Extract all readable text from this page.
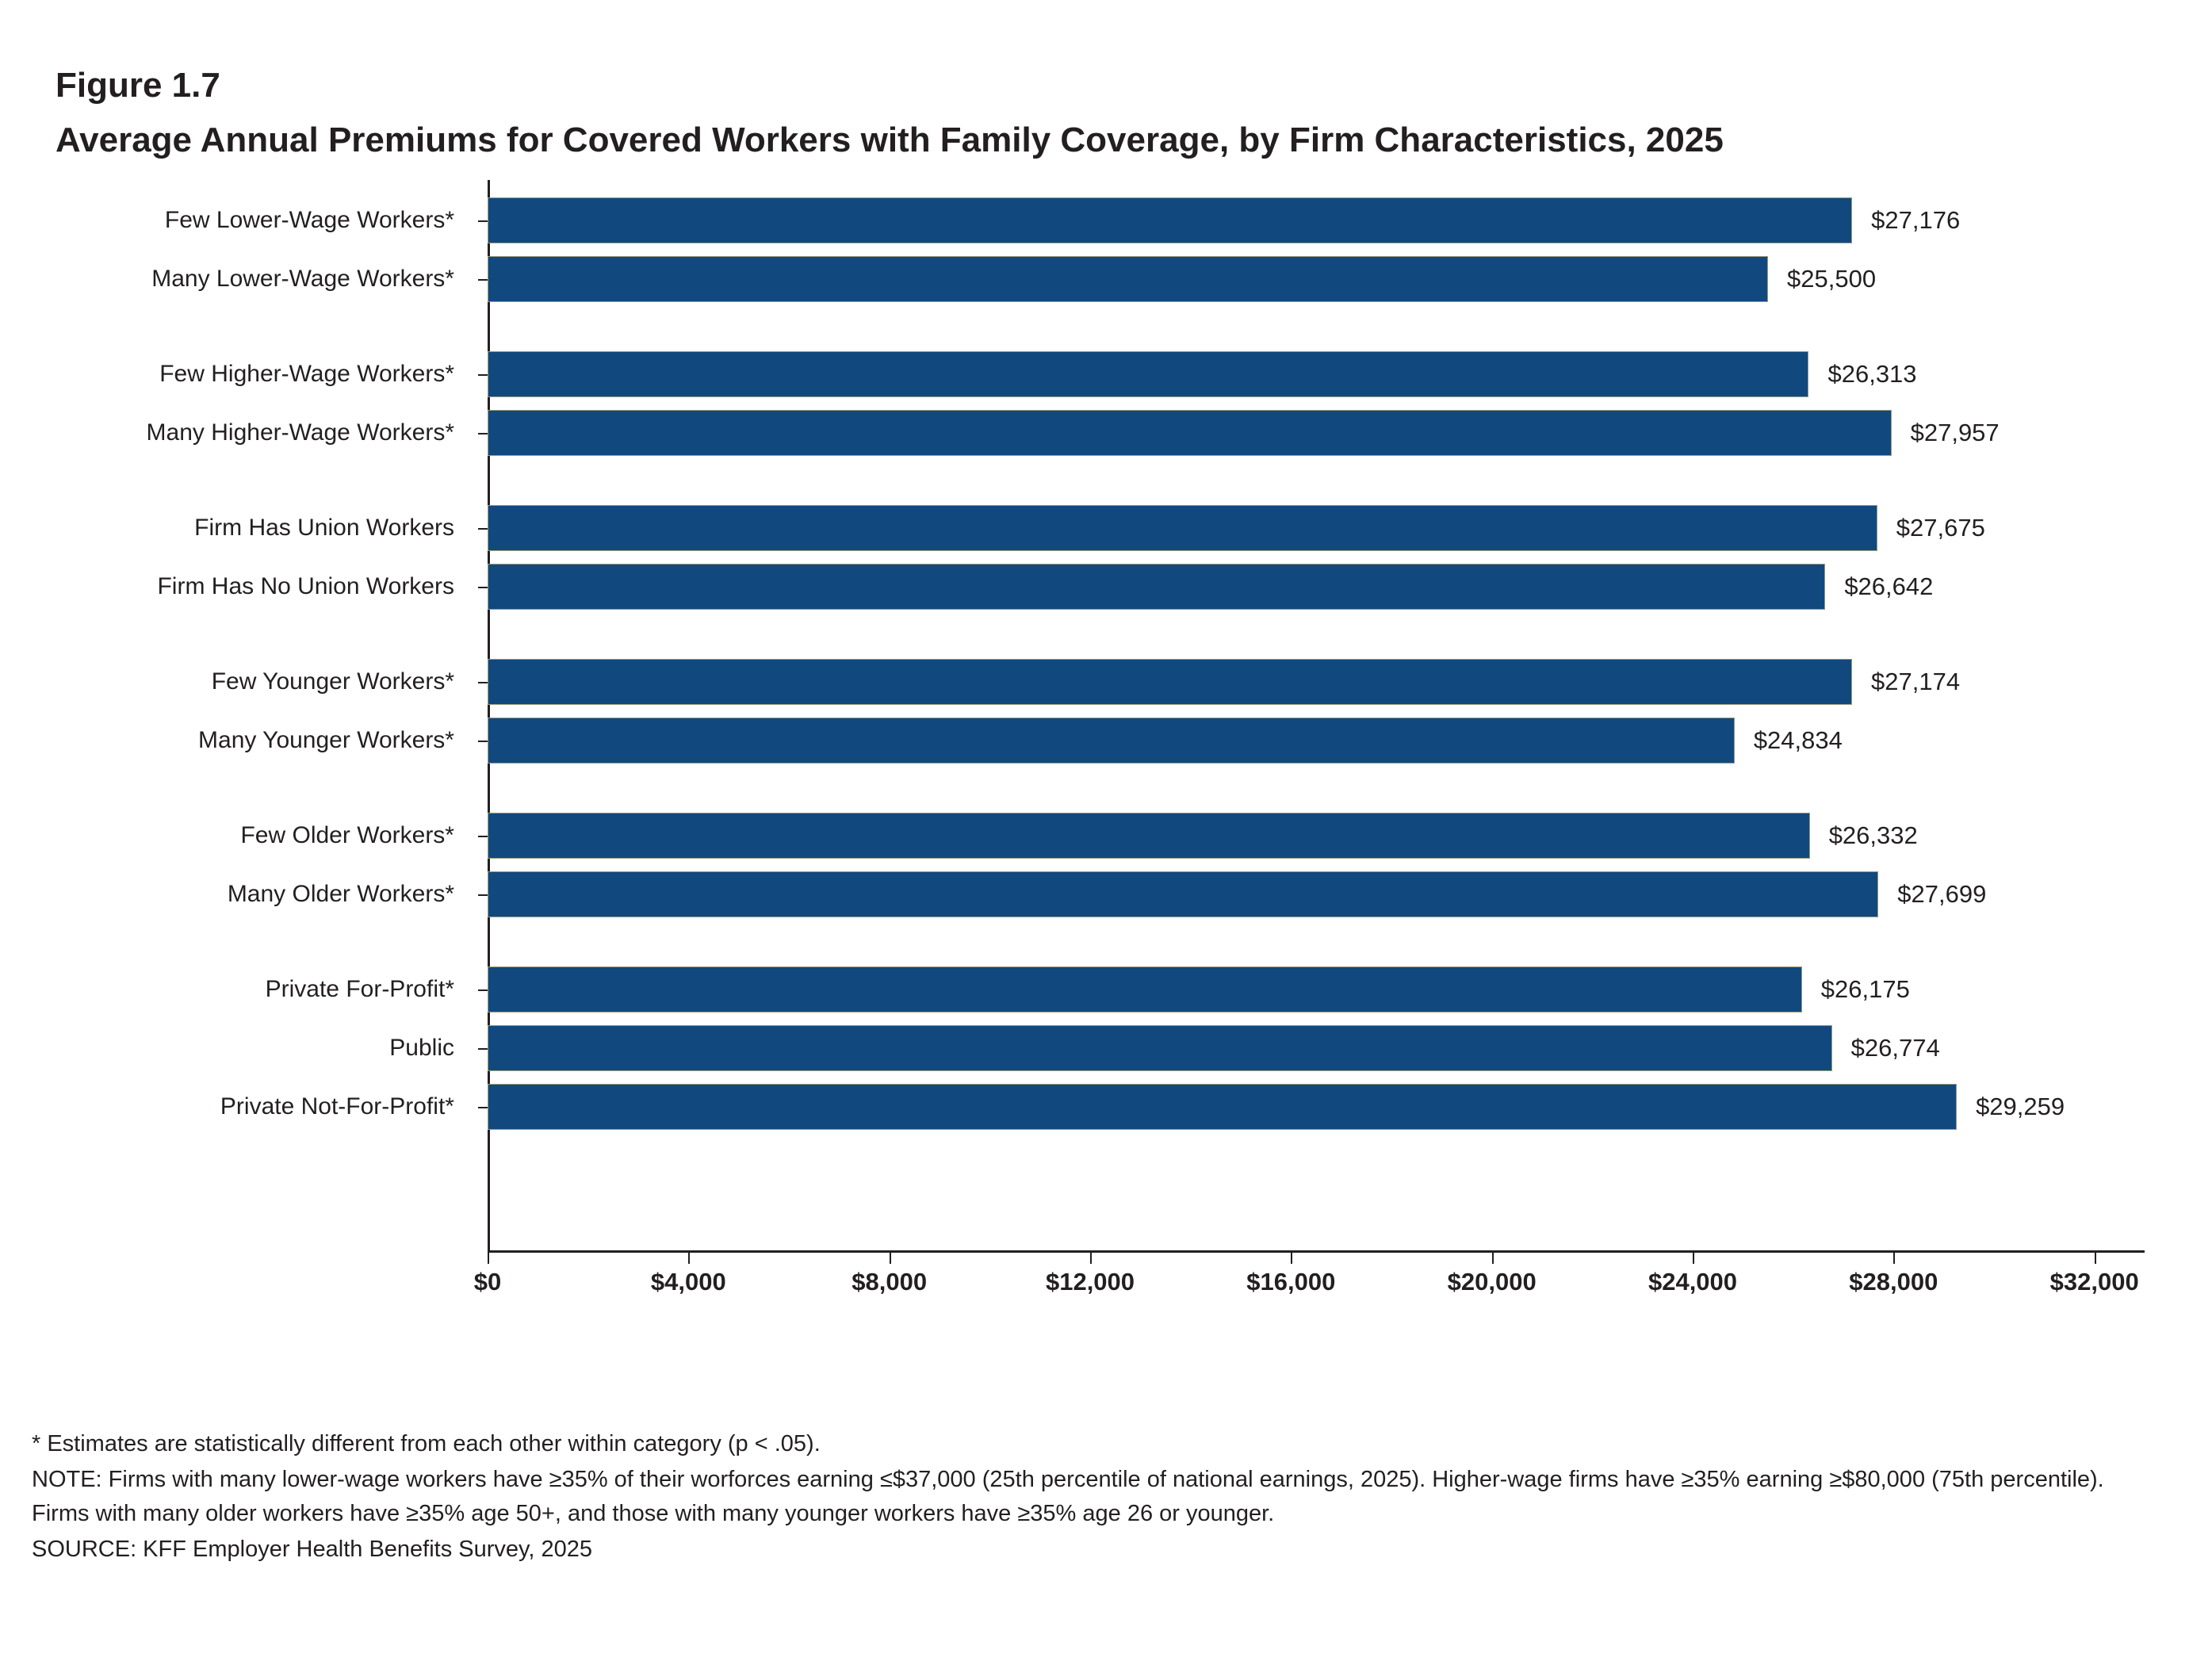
Figure 1.7
Average Annual Premiums for Covered Workers with Family Coverage, by Firm Characteristics, 2025
Few Lower-Wage Workers*
Many Lower-Wage Workers*
Few Higher-Wage Workers*
Many Higher-Wage Workers*
Firm Has Union Workers
Firm Has No Union Workers
Few Younger Workers*
Many Younger Workers*
Few Older Workers*
Many Older Workers*
Private For-Profit*
Public
Private Not-For-Profit*
$27,176
$25,500
$26,313
$27,957
$27,675
$26,642
$27,174
$24,834
$26,332
$27,699
$26,175
$26,774
$29,259
$0	$4,000	$8,000	$12,000	$16,000	$20,000	$24,000	$28,000	$32,000

* Estimates are statistically different from each other within category (p < .05).

NOTE: Firms with many lower-wage workers have ≥35% of their worforces earning ≤$37,000 (25th percentile of national earnings, 2025). Higher-wage firms have ≥35% earning ≥$80,000 (75th percentile). Firms with many older workers have ≥35% age 50+, and those with many younger workers have ≥35% age 26 or younger.

SOURCE: KFF Employer Health Benefits Survey, 2025
